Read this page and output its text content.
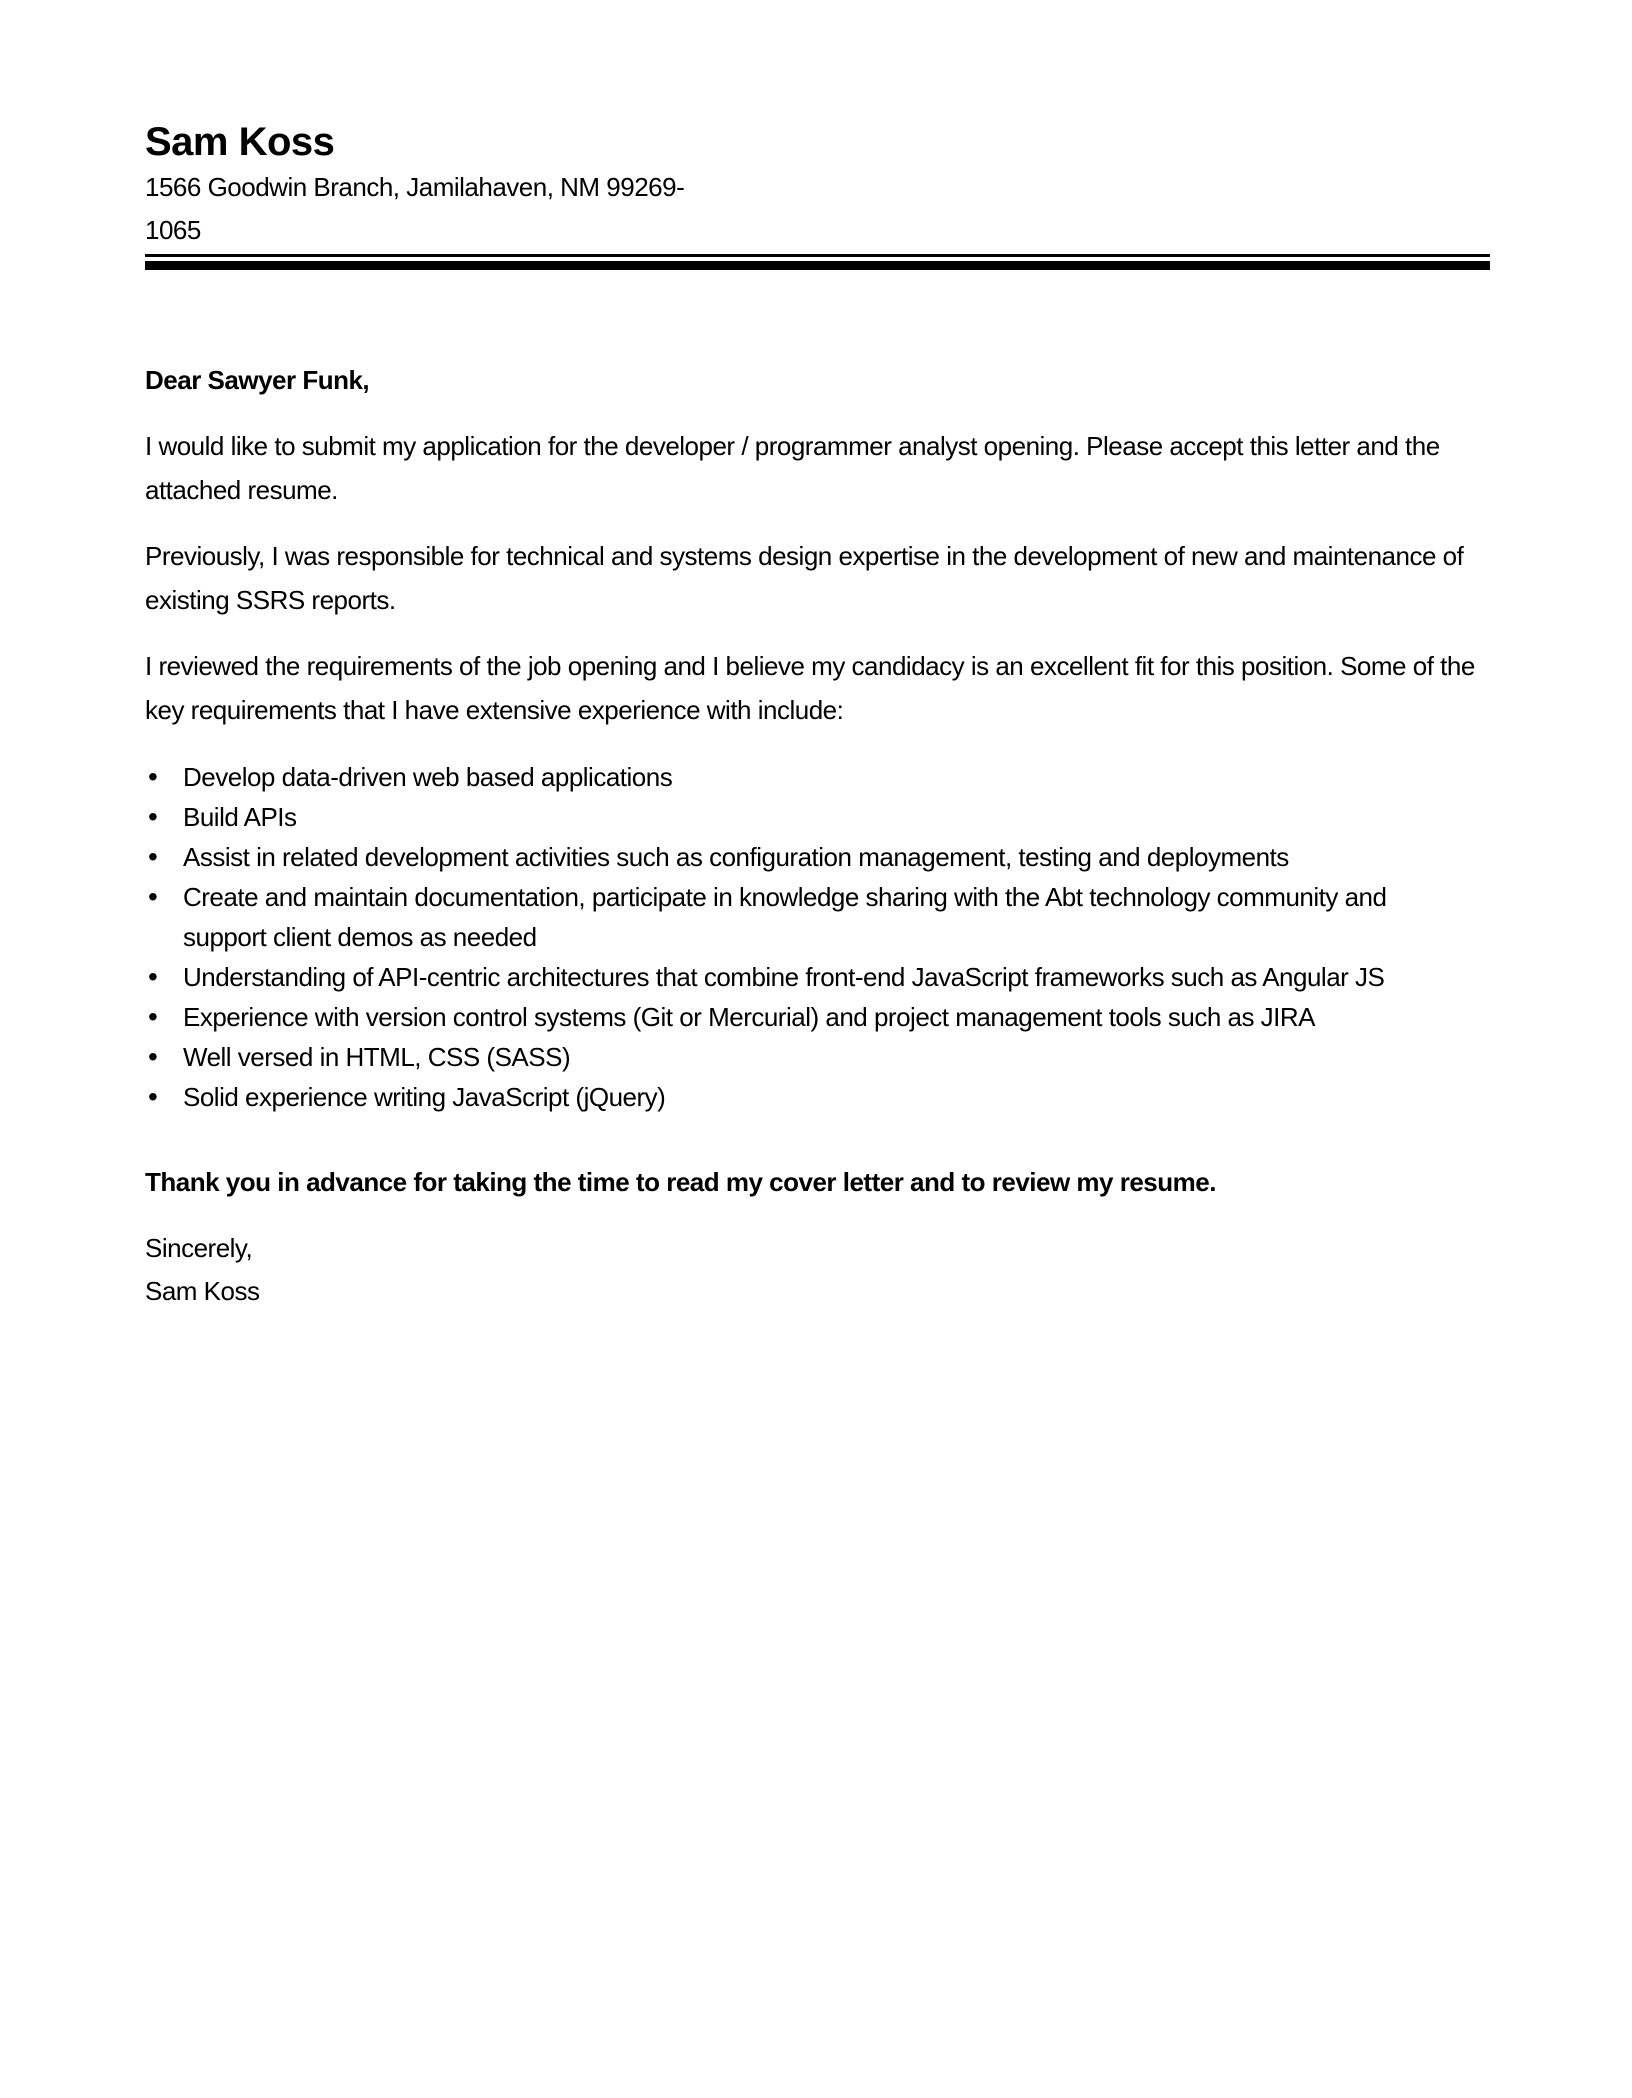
Sam Koss
1566 Goodwin Branch, Jamilahaven, NM 99269-
1065
Dear Sawyer Funk,

I would like to submit my application for the developer / programmer analyst opening. Please accept this letter and the attached resume.

Previously, I was responsible for technical and systems design expertise in the development of new and maintenance of existing SSRS reports.

I reviewed the requirements of the job opening and I believe my candidacy is an excellent fit for this position. Some of the key requirements that I have extensive experience with include:

• Develop data-driven web based applications
• Build APIs
• Assist in related development activities such as configuration management, testing and deployments
• Create and maintain documentation, participate in knowledge sharing with the Abt technology community and support client demos as needed
• Understanding of API-centric architectures that combine front-end JavaScript frameworks such as Angular JS
• Experience with version control systems (Git or Mercurial) and project management tools such as JIRA
• Well versed in HTML, CSS (SASS)
• Solid experience writing JavaScript (jQuery)
Thank you in advance for taking the time to read my cover letter and to review my resume.
Sincerely,
Sam Koss
